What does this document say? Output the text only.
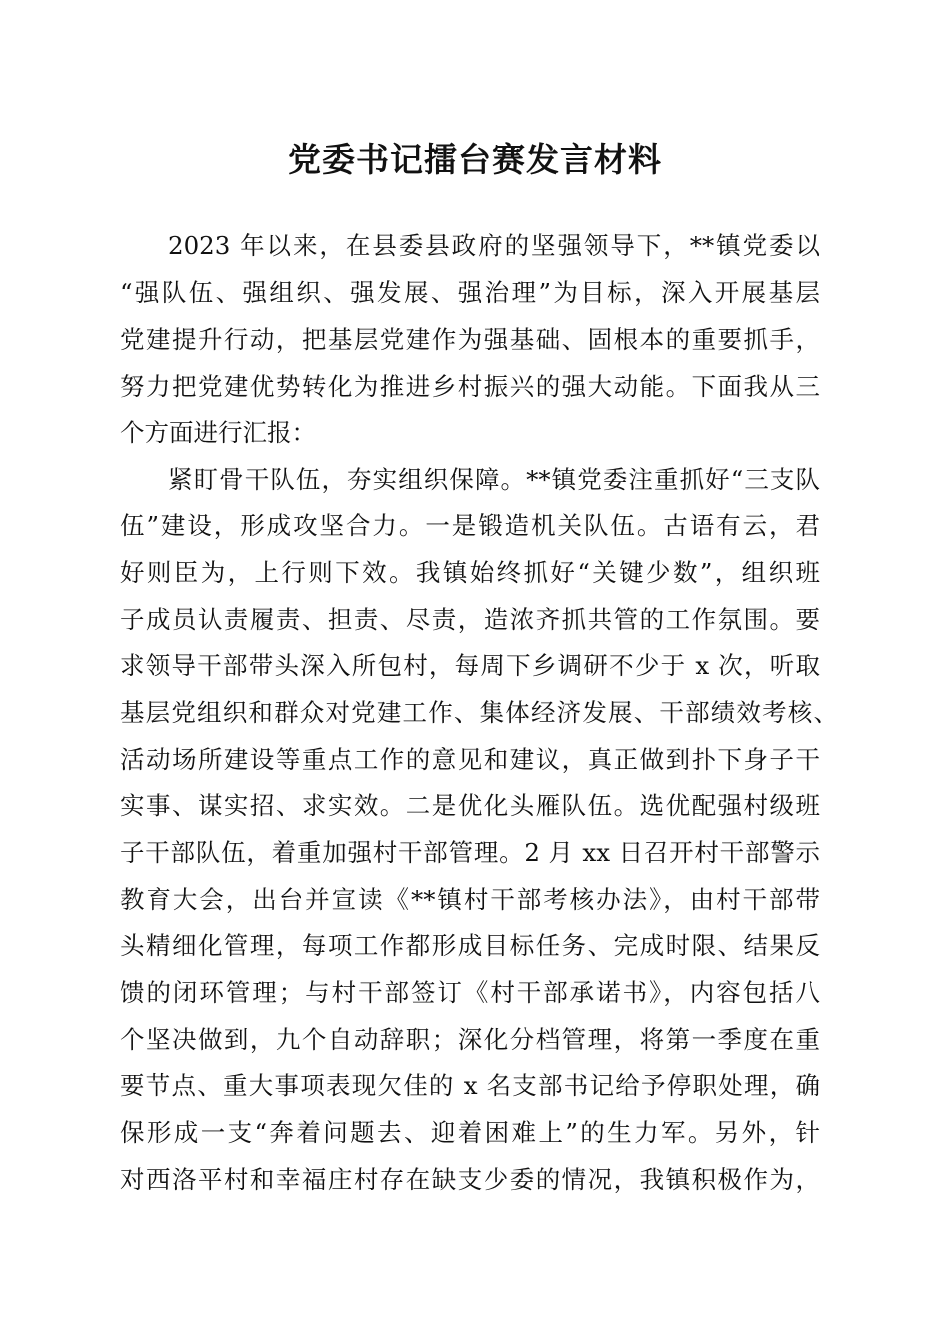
党委书记擂台赛发言材料

2023 年以来，在县委县政府的坚强领导下，**镇党委以

“强队伍、强组织、强发展、强治理”为目标，深入开展基层

党建提升行动，把基层党建作为强基础、固根本的重要抓手，

努力把党建优势转化为推进乡村振兴的强大动能。下面我从三

个方面进行汇报：

紧盯骨干队伍，夯实组织保障。**镇党委注重抓好“三支队

伍”建设，形成攻坚合力。一是锻造机关队伍。古语有云，君

好则臣为，上行则下效。我镇始终抓好“关键少数”，组织班

子成员认责履责、担责、尽责，造浓齐抓共管的工作氛围。要

求领导干部带头深入所包村，每周下乡调研不少于 x 次，听取

基层党组织和群众对党建工作、集体经济发展、干部绩效考核、

活动场所建设等重点工作的意见和建议，真正做到扑下身子干

实事、谋实招、求实效。二是优化头雁队伍。选优配强村级班

子干部队伍，着重加强村干部管理。2 月 xx 日召开村干部警示

教育大会，出台并宣读《**镇村干部考核办法》，由村干部带

头精细化管理，每项工作都形成目标任务、完成时限、结果反

馈的闭环管理；与村干部签订《村干部承诺书》，内容包括八

个坚决做到，九个自动辞职；深化分档管理，将第一季度在重

要节点、重大事项表现欠佳的 x 名支部书记给予停职处理，确

保形成一支“奔着问题去、迎着困难上”的生力军。另外，针

对西洛平村和幸福庄村存在缺支少委的情况，我镇积极作为，
